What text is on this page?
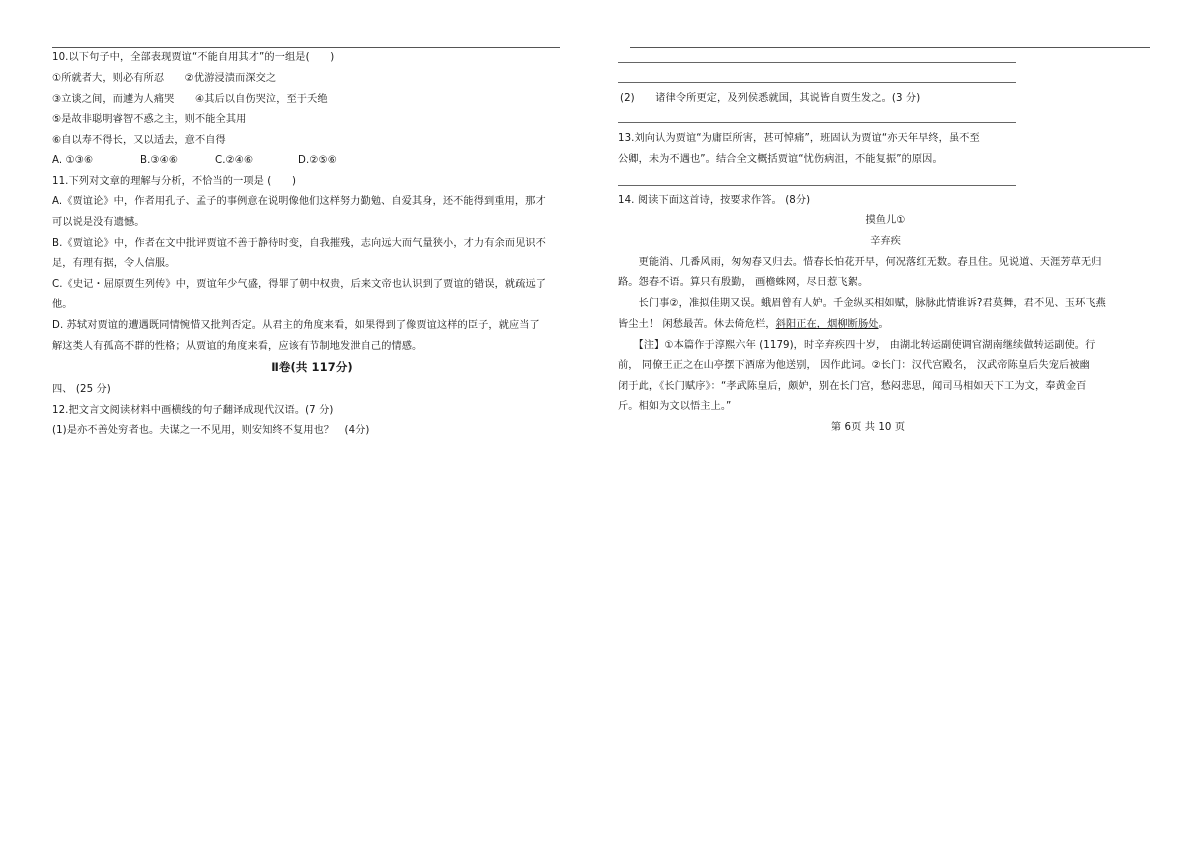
10.以下句子中，全部表现贾谊“不能自用其才”的一组是(　　)
①所就者大，则必有所忍　　②优游浸渍而深交之
③立谈之间，而遽为人痛哭　　④其后以自伤哭泣，至于夭绝
⑤是故非聪明睿智不惑之主，则不能全其用
⑥自以寿不得长，又以适去，意不自得
A. ①③⑥	B.③④⑥	C.②④⑥	D.②⑤⑥
11.下列对文章的理解与分析，不恰当的一项是 (　　)
A.《贾谊论》中，作者用孔子、孟子的事例意在说明像他们这样努力勤勉、自爱其身，还不能得到重用，那才
可以说是没有遗憾。
B.《贾谊论》中，作者在文中批评贾谊不善于静待时变，自我摧残，志向远大而气量狭小，才力有余而见识不
足，有理有据，令人信服。
C.《史记・屈原贾生列传》中，贾谊年少气盛，得罪了朝中权贵，后来文帝也认识到了贾谊的错误，就疏远了
他。
D. 苏轼对贾谊的遭遇既同情惋惜又批判否定。从君主的角度来看，如果得到了像贾谊这样的臣子，就应当了
解这类人有孤高不群的性格；从贾谊的角度来看，应该有节制地发泄自己的情感。
Ⅱ卷(共 117分)
四、 (25 分)
12.把文言文阅读材料中画横线的句子翻译成现代汉语。(7 分)
(1)是亦不善处穷者也。夫谋之一不见用，则安知终不复用也？　(4分)
(2)　　诸律令所更定，及列侯悉就国，其说皆自贾生发之。(3 分)
13.刘向认为贾谊“为庸臣所害，甚可悼痛”，班固认为贾谊“亦天年早终，虽不至
公卿，未为不遇也”。结合全文概括贾谊“忧伤病沮，不能复振”的原因。
14. 阅读下面这首诗，按要求作答。 (8分)
摸鱼儿①
辛弃疾
　　更能消、几番风雨，匆匆春又归去。惜春长怕花开早，何况落红无数。春且住。见说道、天涯芳草无归
路。怨春不语。算只有殷勤， 画檐蛛网，尽日惹飞絮。
　　长门事②，准拟佳期又误。蛾眉曾有人妒。千金纵买相如赋，脉脉此情谁诉?君莫舞，君不见、玉环飞燕
皆尘土！ 闲愁最苦。休去倚危栏，斜阳正在，烟柳断肠处。
　　【注】①本篇作于淳熙六年 (1179)，时辛弃疾四十岁， 由湖北转运副使调官湖南继续做转运副使。行
前， 同僚王正之在山亭摆下酒席为他送别， 因作此词。②长门：汉代宫殿名， 汉武帝陈皇后失宠后被幽
闭于此，《长门赋序》：“孝武陈皇后，颇妒，别在长门宫，愁闷悲思，闻司马相如天下工为文，奉黄金百
斤。相如为文以悟主上。”
第 6页 共 10 页
